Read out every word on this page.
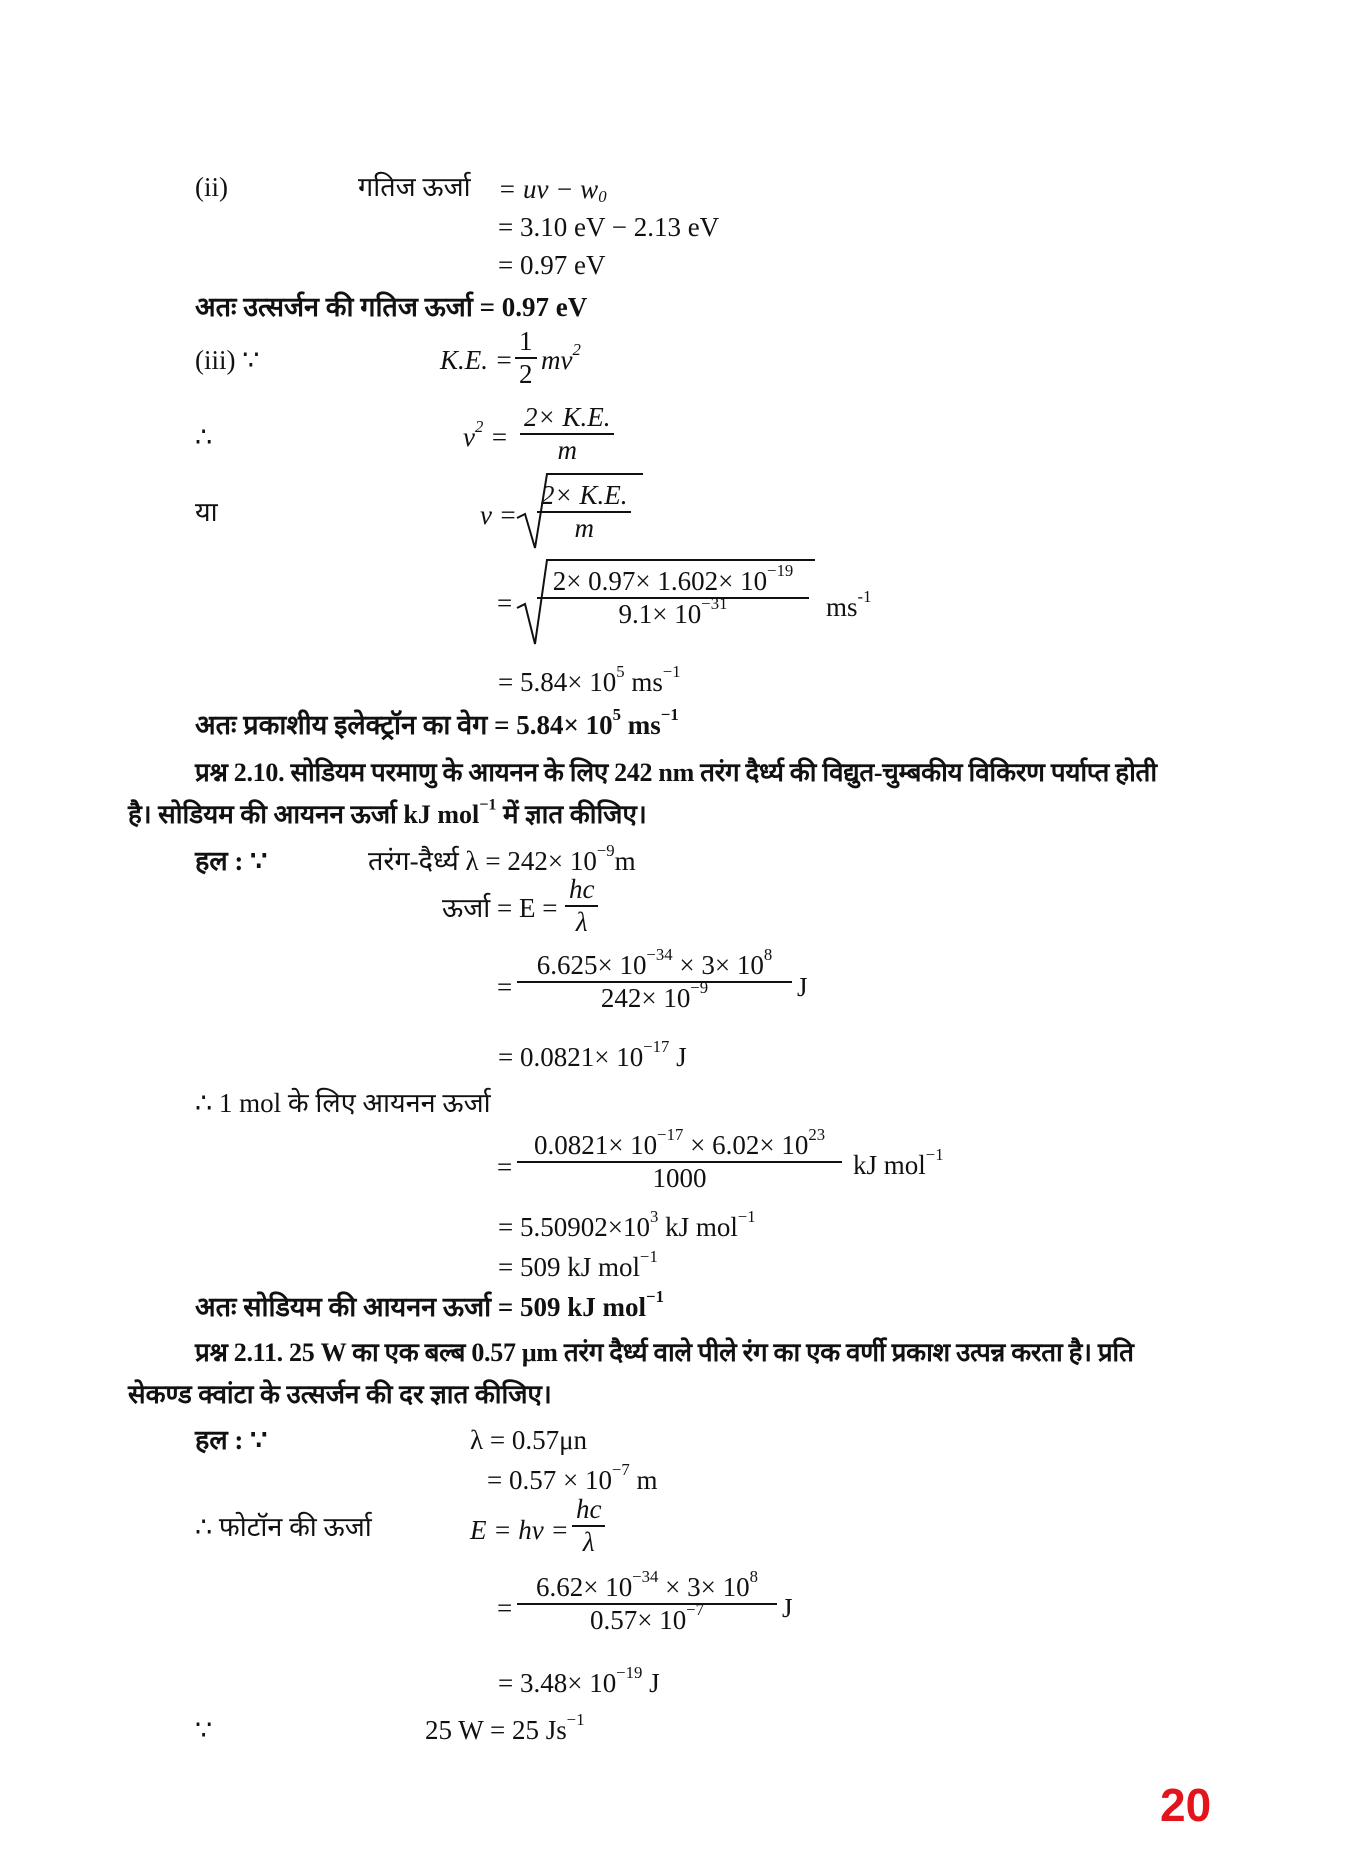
(ii)	गतिज ऊर्जा = uv − $w_0$
= 3.10 eV − 2.13 eV
= 0.97 eV
अतः उत्सर्जन की गतिज ऊर्जा = 0.97 eV
(iii) ∵	K.E. = $\frac{1}{2} mv^2$
∴	$v^2 = \frac{2\times K.E.}{m}$
या	$v = \frac{2\times K.E.}{m}$
= $\frac{2\times 0.97\times 1.602\times 10^{-19}}{9.1\times 10^{-31}} ms^{-1}$
= $5.84\times 10^5$ $ms^{-1}$
अतः प्रकाशीय इलेक्ट्रॉन का वेग = $5.84\times 10^5$ $ms^{-1}$
प्रश्न 2.10. सोडियम परमाणु के आयनन के लिए 242 nm तरंग दैर्ध्य की विद्युत-चुम्बकीय विकिरण पर्याप्त होती
है। सोडियम की आयनन ऊर्जा kJ mol$^{-1}$ में ज्ञात कीजिए।
हल : ∵	तरंग-दैर्ध्य $\lambda = 242\times 10^{-9}m$
ऊर्जा = $E = \frac{hc}{\lambda}$
= $\frac{6.625\times 10^{-34} \times 3\times 10^8}{242\times 10^{-9}}$ J
= $0.0821\times 10^{-17}$ J
∴ 1 mol के लिए आयनन ऊर्जा
= $\frac{0.0821\times 10^{-17} \times 6.02\times 10^{23}}{1000}$ kJ mol$^{-1}$
= $5.50902\times 10^3$ kJ mol$^{-1}$
= 509 kJ mol$^{-1}$
अतः सोडियम की आयनन ऊर्जा = 509 kJ mol$^{-1}$
प्रश्न 2.11. 25 W का एक बल्ब 0.57 μm तरंग दैर्ध्य वाले पीले रंग का एक वर्णी प्रकाश उत्पन्न करता है। प्रति
सेकण्ड क्वांटा के उत्सर्जन की दर ज्ञात कीजिए।
हल : ∵	λ = 0.57μn
= $0.57 \times 10^{-7}$ m
∴ फोटॉन की ऊर्जा	$E = h\nu = \frac{hc}{\lambda}$
= $\frac{6.62\times 10^{-34} \times 3\times 10^8}{0.57\times 10^{-7}}$ J
= $3.48\times 10^{-19}$ J
∵	25 W = 25 $Js^{-1}$
20
